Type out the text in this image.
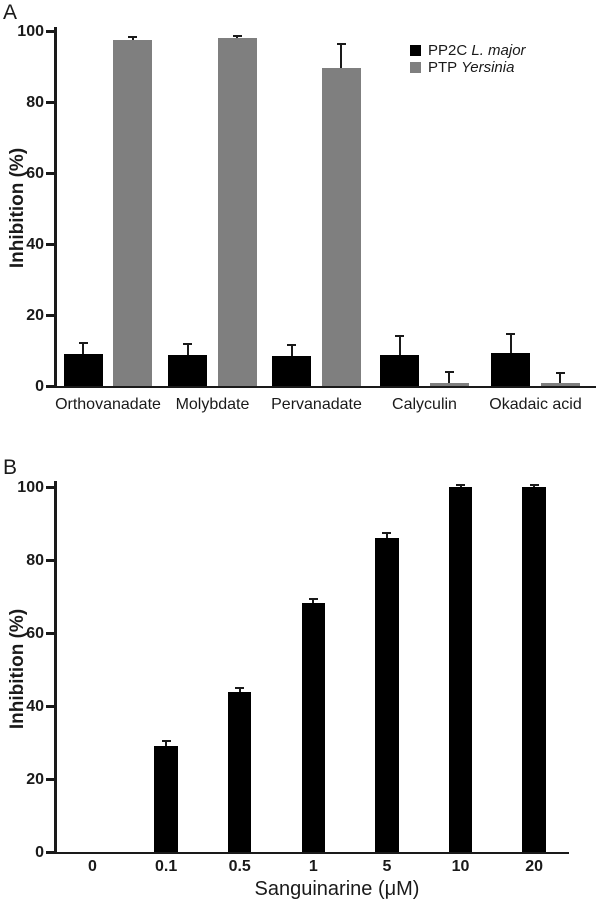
A
Inhibition (%)
0
20
40
60
80
100
Orthovanadate Molybdate	Pervanadate	Calyculin	Okadaic acid
PP2C L. major
PTP Yersinia
B
Inhibition (%)
Sanguinarine (μM)
0
20
40
60
80
100
0	0.1	0.5	1	5	10	20
